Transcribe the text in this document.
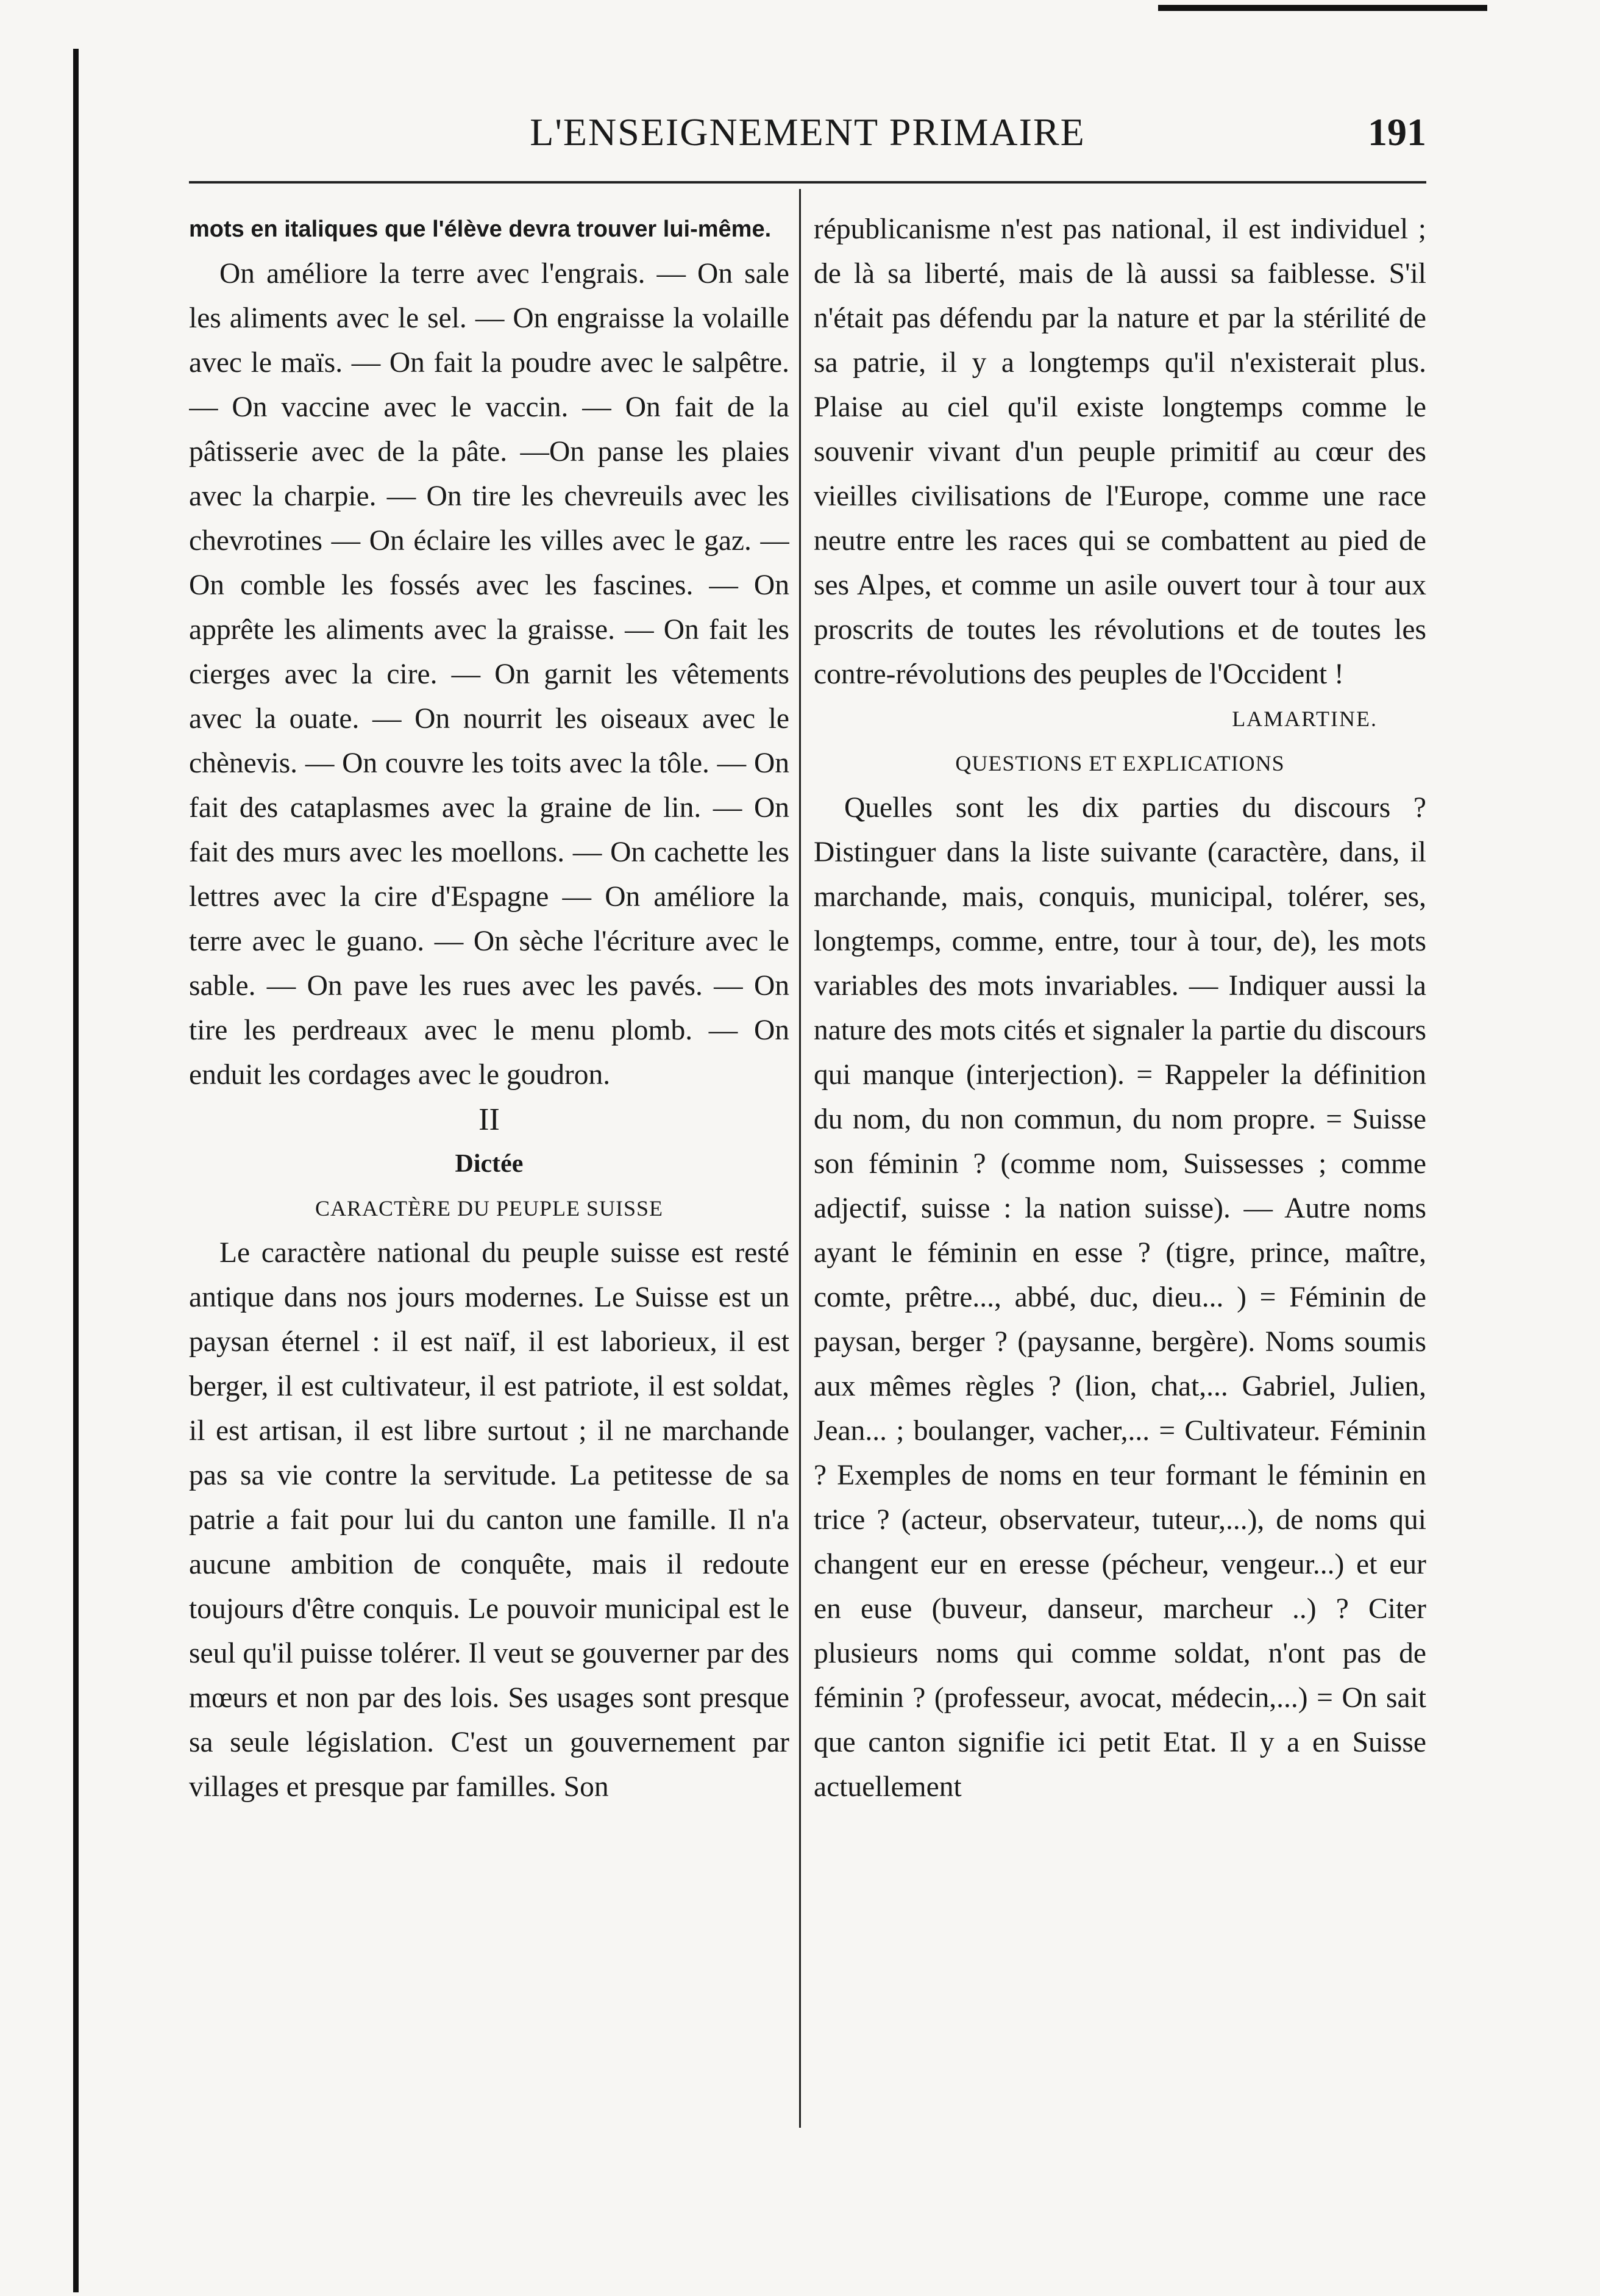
L'ENSEIGNEMENT PRIMAIRE	191

mots en italiques que l'élève devra trouver lui-même.

On améliore la terre avec l'engrais. — On sale les aliments avec le sel. — On engraisse la volaille avec le maïs. — On fait la poudre avec le salpêtre. — On vaccine avec le vaccin. — On fait de la pâtisserie avec de la pâte. —On panse les plaies avec la charpie. — On tire les chevreuils avec les chevrotines — On éclaire les villes avec le gaz. — On comble les fossés avec les fascines. — On apprête les aliments avec la graisse. — On fait les cierges avec la cire. — On garnit les vêtements avec la ouate. — On nourrit les oiseaux avec le chènevis. — On couvre les toits avec la tôle. — On fait des cataplasmes avec la graine de lin. — On fait des murs avec les moellons. — On cachette les lettres avec la cire d'Espagne — On améliore la terre avec le guano. — On sèche l'écriture avec le sable. — On pave les rues avec les pavés. — On tire les perdreaux avec le menu plomb. — On enduit les cordages avec le goudron.

II

Dictée

CARACTÈRE DU PEUPLE SUISSE

Le caractère national du peuple suisse est resté antique dans nos jours modernes. Le Suisse est un paysan éternel : il est naïf, il est laborieux, il est berger, il est cultivateur, il est patriote, il est soldat, il est artisan, il est libre surtout ; il ne marchande pas sa vie contre la servitude. La petitesse de sa patrie a fait pour lui du canton une famille. Il n'a aucune ambition de conquête, mais il redoute toujours d'être conquis. Le pouvoir municipal est le seul qu'il puisse tolérer. Il veut se gouverner par des mœurs et non par des lois. Ses usages sont presque sa seule législation. C'est un gouvernement par villages et presque par familles. Son

républicanisme n'est pas national, il est individuel ; de là sa liberté, mais de là aussi sa faiblesse. S'il n'était pas défendu par la nature et par la stérilité de sa patrie, il y a longtemps qu'il n'existerait plus. Plaise au ciel qu'il existe longtemps comme le souvenir vivant d'un peuple primitif au cœur des vieilles civilisations de l'Europe, comme une race neutre entre les races qui se combattent au pied de ses Alpes, et comme un asile ouvert tour à tour aux proscrits de toutes les révolutions et de toutes les contre-révolutions des peuples de l'Occident !

LAMARTINE.

QUESTIONS ET EXPLICATIONS

Quelles sont les dix parties du discours ? Distinguer dans la liste suivante (caractère, dans, il marchande, mais, conquis, municipal, tolérer, ses, longtemps, comme, entre, tour à tour, de), les mots variables des mots invariables. — Indiquer aussi la nature des mots cités et signaler la partie du discours qui manque (interjection). = Rappeler la définition du nom, du non commun, du nom propre. = Suisse son féminin ? (comme nom, Suissesses ; comme adjectif, suisse : la nation suisse). — Autre noms ayant le féminin en esse ? (tigre, prince, maître, comte, prêtre..., abbé, duc, dieu... ) = Féminin de paysan, berger ? (paysanne, bergère). Noms soumis aux mêmes règles ? (lion, chat,... Gabriel, Julien, Jean... ; boulanger, vacher,... = Cultivateur. Féminin ? Exemples de noms en teur formant le féminin en trice ? (acteur, observateur, tuteur,...), de noms qui changent eur en eresse (pécheur, vengeur...) et eur en euse (buveur, danseur, marcheur ..) ? Citer plusieurs noms qui comme soldat, n'ont pas de féminin ? (professeur, avocat, médecin,...) = On sait que canton signifie ici petit Etat. Il y a en Suisse actuellement
